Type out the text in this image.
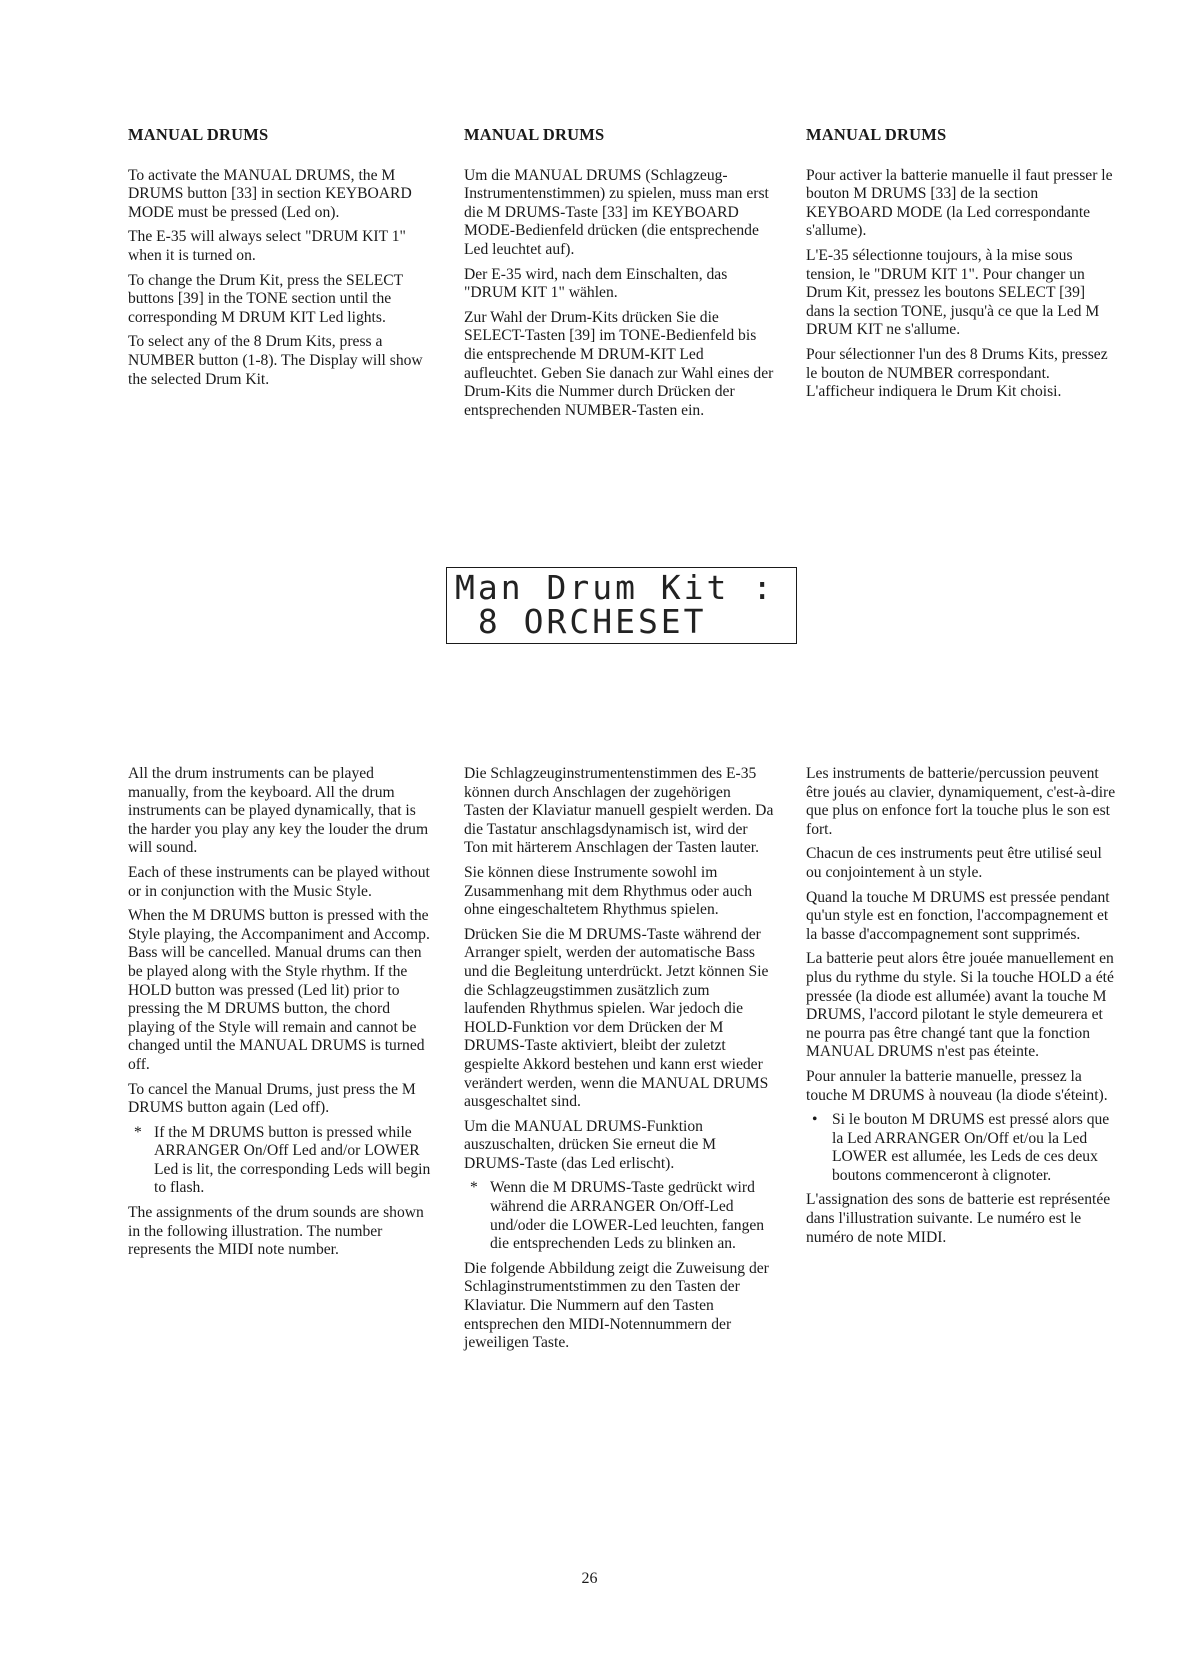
MANUAL DRUMS

To activate the MANUAL DRUMS, the M DRUMS button [33] in section KEYBOARD MODE must be pressed (Led on).

The E-35 will always select "DRUM KIT 1" when it is turned on.

To change the Drum Kit, press the SELECT buttons [39] in the TONE section until the corresponding M DRUM KIT Led lights.

To select any of the 8 Drum Kits, press a NUMBER button (1-8). The Display will show the selected Drum Kit.

MANUAL DRUMS

Um die MANUAL DRUMS (Schlagzeug-Instrumentenstimmen) zu spielen, muss man erst die M DRUMS-Taste [33] im KEYBOARD MODE-Bedienfeld drücken (die entsprechende Led leuchtet auf).

Der E-35 wird, nach dem Einschalten, das "DRUM KIT 1" wählen.

Zur Wahl der Drum-Kits drücken Sie die SELECT-Tasten [39] im TONE-Bedienfeld bis die entsprechende M DRUM-KIT Led aufleuchtet. Geben Sie danach zur Wahl eines der Drum-Kits die Nummer durch Drücken der entsprechenden NUMBER-Tasten ein.

MANUAL DRUMS

Pour activer la batterie manuelle il faut presser le bouton M DRUMS [33] de la section KEYBOARD MODE (la Led correspondante s'allume).

L'E-35 sélectionne toujours, à la mise sous tension, le "DRUM KIT 1". Pour changer un Drum Kit, pressez les boutons SELECT [39] dans la section TONE, jusqu'à ce que la Led M DRUM KIT ne s'allume.

Pour sélectionner l'un des 8 Drums Kits, pressez le bouton de NUMBER correspondant. L'afficheur indiquera le Drum Kit choisi.

Man Drum Kit :
8 ORCHESET

All the drum instruments can be played manually, from the keyboard. All the drum instruments can be played dynamically, that is the harder you play any key the louder the drum will sound.

Each of these instruments can be played without or in conjunction with the Music Style.

When the M DRUMS button is pressed with the Style playing, the Accompaniment and Accomp. Bass will be cancelled. Manual drums can then be played along with the Style rhythm. If the HOLD button was pressed (Led lit) prior to pressing the M DRUMS button, the chord playing of the Style will remain and cannot be changed until the MANUAL DRUMS is turned off.

To cancel the Manual Drums, just press the M DRUMS button again (Led off).

* If the M DRUMS button is pressed while ARRANGER On/Off Led and/or LOWER Led is lit, the corresponding Leds will begin to flash.

The assignments of the drum sounds are shown in the following illustration. The number represents the MIDI note number.

Die Schlagzeuginstrumentenstimmen des E-35 können durch Anschlagen der zugehörigen Tasten der Klaviatur manuell gespielt werden. Da die Tastatur anschlagsdynamisch ist, wird der Ton mit härterem Anschlagen der Tasten lauter.

Sie können diese Instrumente sowohl im Zusammenhang mit dem Rhythmus oder auch ohne eingeschaltetem Rhythmus spielen.

Drücken Sie die M DRUMS-Taste während der Arranger spielt, werden der automatische Bass und die Begleitung unterdrückt. Jetzt können Sie die Schlagzeugstimmen zusätzlich zum laufenden Rhythmus spielen. War jedoch die HOLD-Funktion vor dem Drücken der M DRUMS-Taste aktiviert, bleibt der zuletzt gespielte Akkord bestehen und kann erst wieder verändert werden, wenn die MANUAL DRUMS ausgeschaltet sind.

Um die MANUAL DRUMS-Funktion auszuschalten, drücken Sie erneut die M DRUMS-Taste (das Led erlischt).

* Wenn die M DRUMS-Taste gedrückt wird während die ARRANGER On/Off-Led und/oder die LOWER-Led leuchten, fangen die entsprechenden Leds zu blinken an.

Die folgende Abbildung zeigt die Zuweisung der Schlaginstrumentstimmen zu den Tasten der Klaviatur. Die Nummern auf den Tasten entsprechen den MIDI-Notennummern der jeweiligen Taste.

Les instruments de batterie/percussion peuvent être joués au clavier, dynamiquement, c'est-à-dire que plus on enfonce fort la touche plus le son est fort.

Chacun de ces instruments peut être utilisé seul ou conjointement à un style.

Quand la touche M DRUMS est pressée pendant qu'un style est en fonction, l'accompagnement et la basse d'accompagnement sont supprimés.

La batterie peut alors être jouée manuellement en plus du rythme du style. Si la touche HOLD a été pressée (la diode est allumée) avant la touche M DRUMS, l'accord pilotant le style demeurera et ne pourra pas être changé tant que la fonction MANUAL DRUMS n'est pas éteinte.

Pour annuler la batterie manuelle, pressez la touche M DRUMS à nouveau (la diode s'éteint).

• Si le bouton M DRUMS est pressé alors que la Led ARRANGER On/Off et/ou la Led LOWER est allumée, les Leds de ces deux boutons commenceront à clignoter.

L'assignation des sons de batterie est représentée dans l'illustration suivante. Le numéro est le numéro de note MIDI.

26
